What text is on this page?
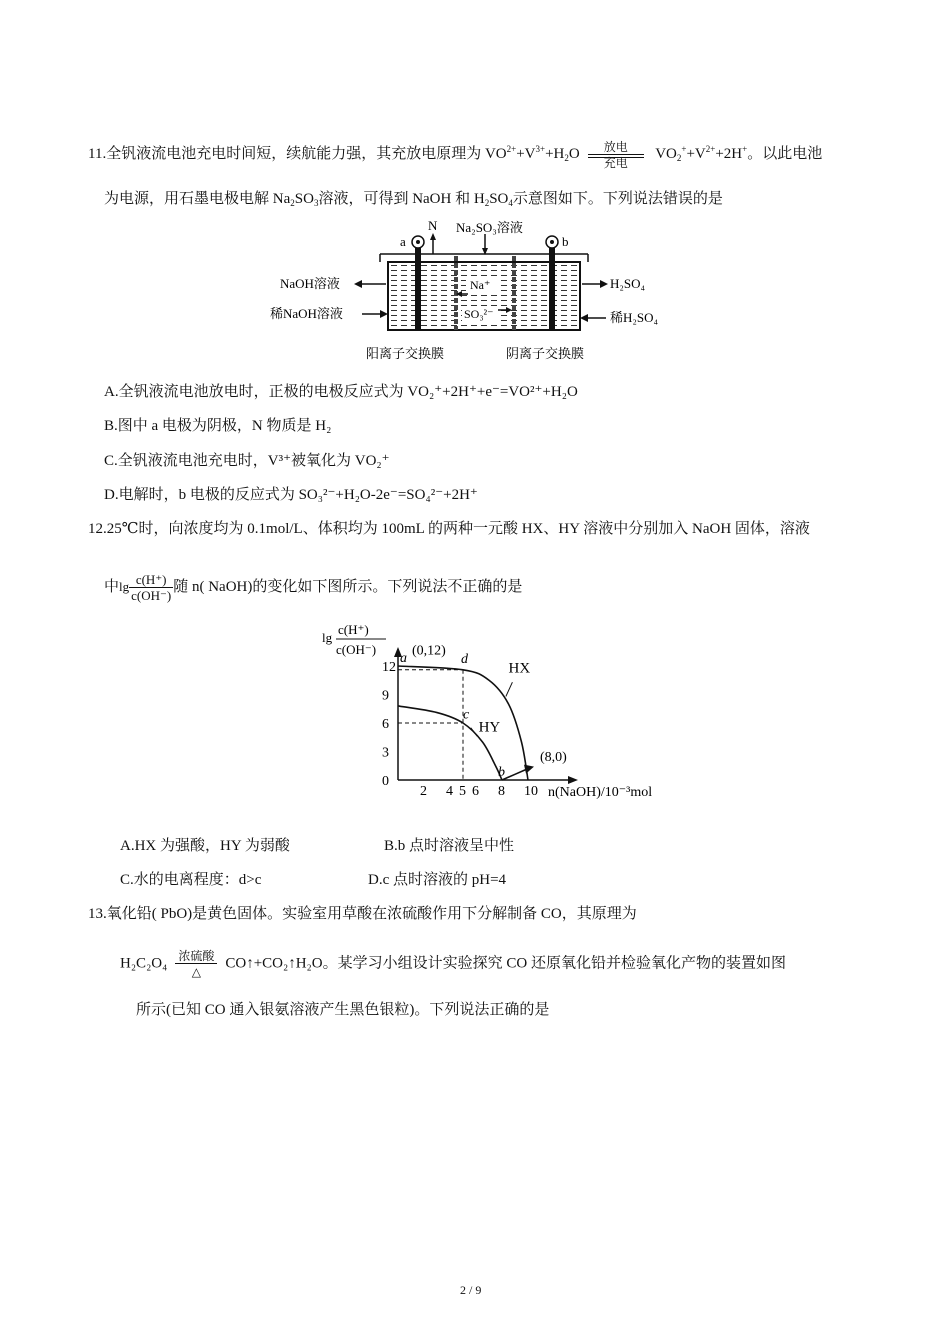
11.全钒液流电池充电时间短，续航能力强，其充放电原理为 $VO^{2+}+V^{3+}+H_2O$	放电
充电
$VO_2^++V^{2+}+2H^+$。以此电池
为电源，用石墨电极电解 $Na_2SO_3$溶液，可得到 NaOH 和 $H_2SO_4$示意图如下。下列说法错误的是
a	b
N Na₂SO₃溶液
NaOH溶液
稀NaOH溶液
H₂SO₄
稀H₂SO₄
Na⁺
SO₃²⁻
阳离子交换膜	阴离子交换膜
A.全钒液流电池放电时，正极的电极反应式为 VO₂⁺+2H⁺+e⁻=VO²⁺+H₂O
B.图中 a 电极为阴极，N 物质是 H₂
C.全钒液流电池充电时，V³⁺被氧化为 VO₂⁺
D.电解时，b 电极的反应式为 SO₃²⁻+H₂O-2e⁻=SO₄²⁻+2H⁺
12.25℃时，向浓度均为 0.1mol/L、体积均为 100mL 的两种一元酸 HX、HY 溶液中分别加入 NaOH 固体，溶液
中$\lg \frac{c(H^+)}{c(OH^-)}$ 随 n( NaOH)的变化如下图所示。下列说法不正确的是
2 4 5 6 8 10
0
3
6
9
12	HX
HY
(0,12)
a	d
c
b
(8,0)
n(NaOH)/10⁻³mol
lg
c(H⁺)
c(OH⁻)
A.HX 为强酸，HY 为弱酸	B.b 点时溶液呈中性
C.水的电离程度：d>c	D.c 点时溶液的 pH=4
13.氧化铅( PbO)是黄色固体。实验室用草酸在浓硫酸作用下分解制备 CO，其原理为
H₂C₂O₄ 浓硫酸
△
CO↑+CO₂↑H₂O。某学习小组设计实验探究 CO 还原氧化铅并检验氧化产物的装置如图
所示(已知 CO 通入银氨溶液产生黑色银粒)。下列说法正确的是
2 / 9
